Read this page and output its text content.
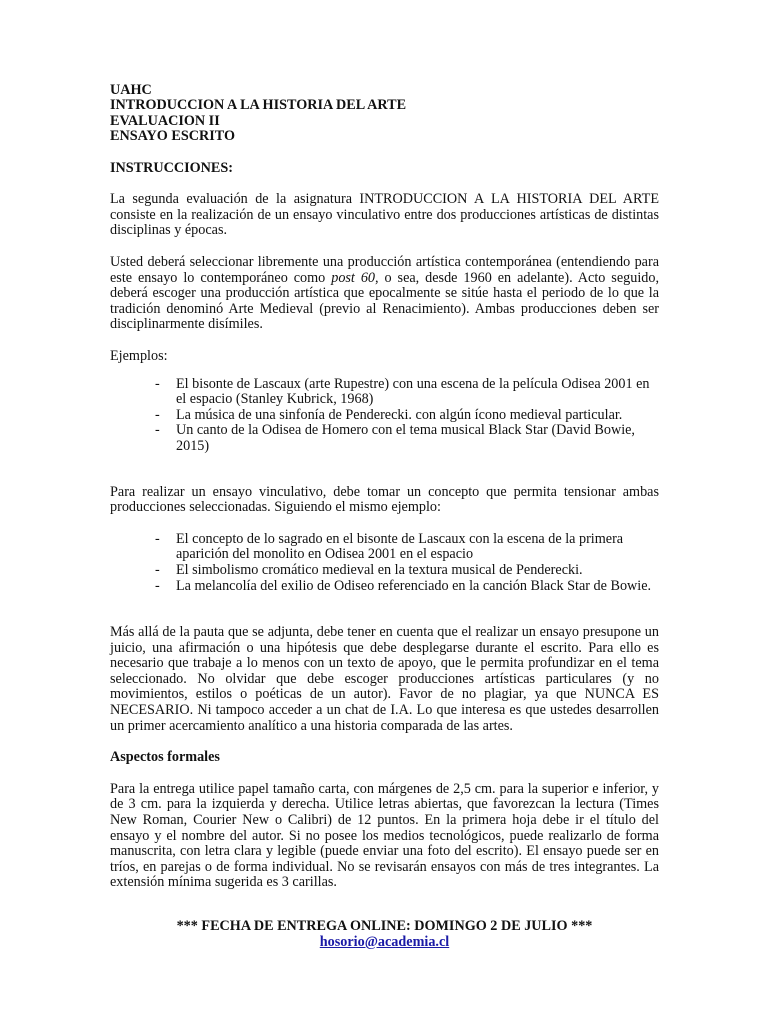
UAHC

INTRODUCCION A LA HISTORIA DEL ARTE

EVALUACION II

ENSAYO ESCRITO

INSTRUCCIONES:

La segunda evaluación de la asignatura INTRODUCCION A LA HISTORIA DEL ARTE consiste en la realización de un ensayo vinculativo entre dos producciones artísticas de distintas disciplinas y épocas.

Usted deberá seleccionar libremente una producción artística contemporánea (entendiendo para este ensayo lo contemporáneo como post 60, o sea, desde 1960 en adelante). Acto seguido, deberá escoger una producción artística que epocalmente se sitúe hasta el periodo de lo que la tradición denominó Arte Medieval (previo al Renacimiento). Ambas producciones deben ser disciplinarmente disímiles.

Ejemplos:

- El bisonte de Lascaux (arte Rupestre) con una escena de la película Odisea 2001 en el espacio (Stanley Kubrick, 1968)
- La música de una sinfonía de Penderecki. con algún ícono medieval particular.
- Un canto de la Odisea de Homero con el tema musical Black Star (David Bowie, 2015)

Para realizar un ensayo vinculativo, debe tomar un concepto que permita tensionar ambas producciones seleccionadas. Siguiendo el mismo ejemplo:

- El concepto de lo sagrado en el bisonte de Lascaux con la escena de la primera aparición del monolito en Odisea 2001 en el espacio
- El simbolismo cromático medieval en la textura musical de Penderecki.
- La melancolía del exilio de Odiseo referenciado en la canción Black Star de Bowie.

Más allá de la pauta que se adjunta, debe tener en cuenta que el realizar un ensayo presupone un juicio, una afirmación o una hipótesis que debe desplegarse durante el escrito. Para ello es necesario que trabaje a lo menos con un texto de apoyo, que le permita profundizar en el tema seleccionado. No olvidar que debe escoger producciones artísticas particulares (y no movimientos, estilos o poéticas de un autor). Favor de no plagiar, ya que NUNCA ES NECESARIO. Ni tampoco acceder a un chat de I.A. Lo que interesa es que ustedes desarrollen un primer acercamiento analítico a una historia comparada de las artes.

Aspectos formales

Para la entrega utilice papel tamaño carta, con márgenes de 2,5 cm. para la superior e inferior, y de 3 cm. para la izquierda y derecha. Utilice letras abiertas, que favorezcan la lectura (Times New Roman, Courier New o Calibri) de 12 puntos. En la primera hoja debe ir el título del ensayo y el nombre del autor. Si no posee los medios tecnológicos, puede realizarlo de forma manuscrita, con letra clara y legible (puede enviar una foto del escrito). El ensayo puede ser en tríos, en parejas o de forma individual. No se revisarán ensayos con más de tres integrantes. La extensión mínima sugerida es 3 carillas.

*** FECHA DE ENTREGA ONLINE: DOMINGO 2 DE JULIO ***

hosorio@academia.cl
